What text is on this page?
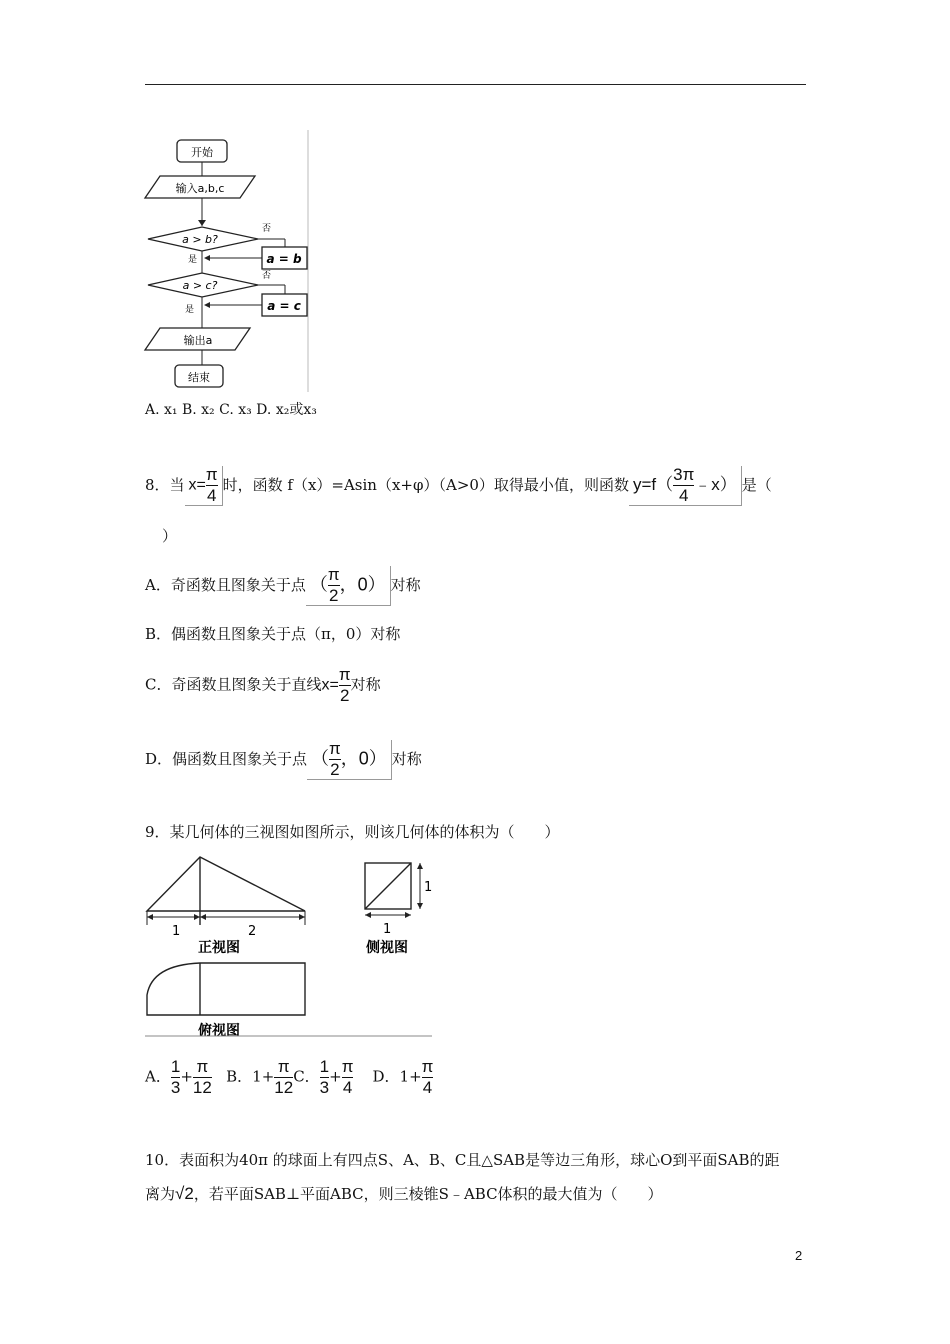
开始
输入a,b,c
a > b?
否
a = b
是
a > c?
否
a = c
是
输出a
结束
A. x₁ B. x₂ C. x₃ D. x₂或x₃
8．当 $x= \frac{\pi}{4}$ 时，函数 f（x）=Asin（x+φ）（A>0）取得最小值，则函数 $y=f( \frac{3\pi}{4}$ ﹣x） 是（
）
A．奇函数且图象关于点 （ $\frac{\pi}{2}$ ，0） 对称
B．偶函数且图象关于点（π，0）对称
C．奇函数且图象关于直线$x= \frac{\pi}{2}$ 对称
D．偶函数且图象关于点 （ $\frac{\pi}{2}$ ，0） 对称
9．某几何体的三视图如图所示，则该几何体的体积为（　　）
1	2
正视图
1
1
侧视图
俯视图
A． $\frac{1}{3} + \frac{\pi}{12}$ B．$1+ \frac{\pi}{12}$ C． $\frac{1}{3} + \frac{\pi}{4}$ D．$1+ \frac{\pi}{4}$
10．表面积为40π 的球面上有四点S、A、B、C且△SAB是等边三角形，球心O到平面SAB的距
离为√2，若平面SAB⊥平面ABC，则三棱锥S﹣ABC体积的最大值为（　　）
2
